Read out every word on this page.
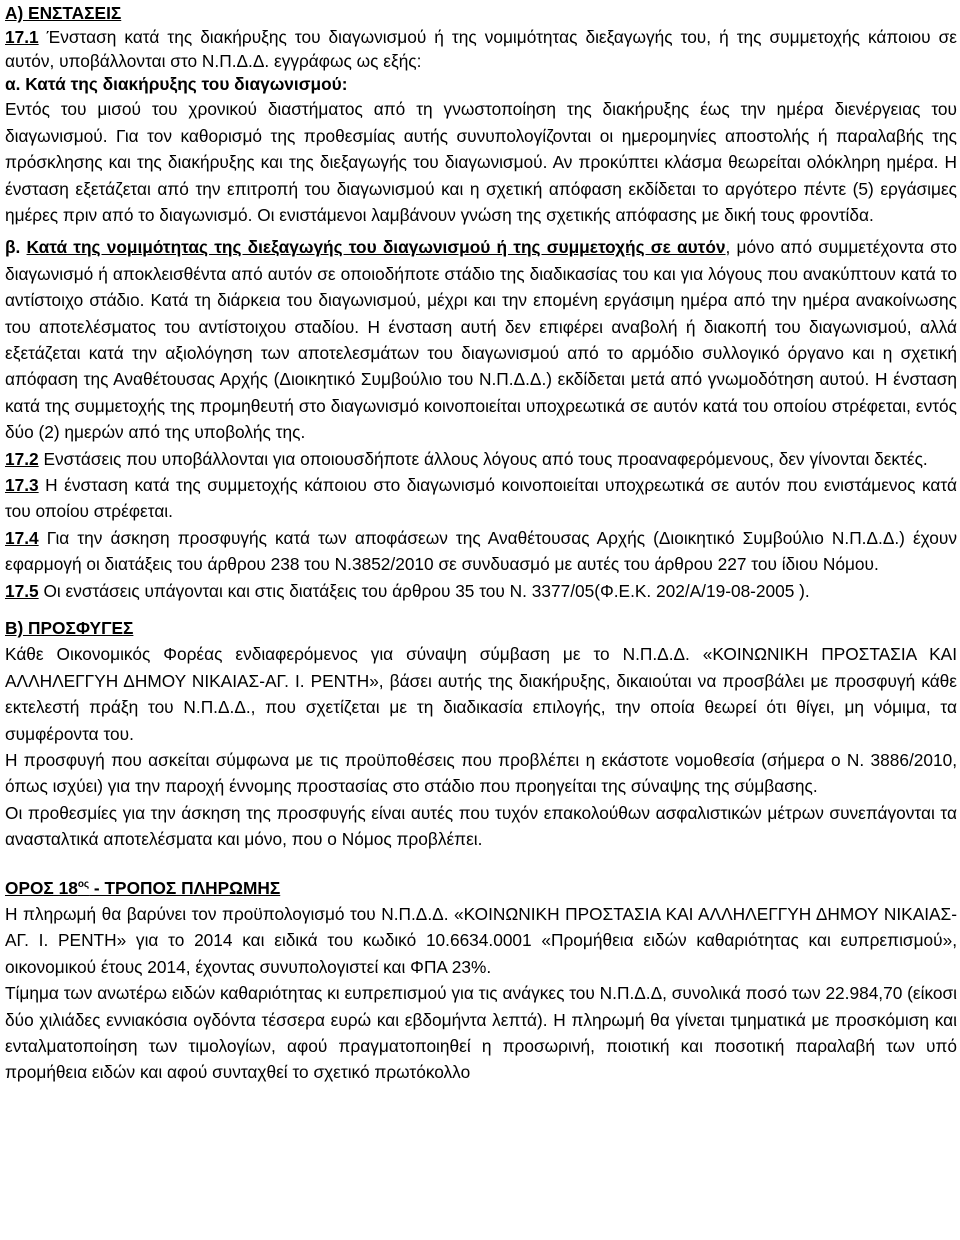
Α) ΕΝΣΤΑΣΕΙΣ

17.1 Ένσταση κατά της διακήρυξης του διαγωνισμού ή της νομιμότητας διεξαγωγής του, ή της συμμετοχής κάποιου σε αυτόν, υποβάλλονται στο Ν.Π.Δ.Δ. εγγράφως ως εξής:

α. Κατά της διακήρυξης του διαγωνισμού:

Εντός του μισού του χρονικού διαστήματος από τη γνωστοποίηση της διακήρυξης έως την ημέρα διενέργειας του διαγωνισμού. Για τον καθορισμό της προθεσμίας αυτής συνυπολογίζονται οι ημερομηνίες αποστολής ή παραλαβής της πρόσκλησης και της διακήρυξης και της διεξαγωγής του διαγωνισμού. Αν προκύπτει κλάσμα θεωρείται ολόκληρη ημέρα. Η ένσταση εξετάζεται από την επιτροπή του διαγωνισμού και η σχετική απόφαση εκδίδεται το αργότερο πέντε (5) εργάσιμες ημέρες πριν από το διαγωνισμό. Οι ενιστάμενοι λαμβάνουν γνώση της σχετικής απόφασης με δική τους φροντίδα.

β. Κατά της νομιμότητας της διεξαγωγής του διαγωνισμού ή της συμμετοχής σε αυτόν, μόνο από συμμετέχοντα στο διαγωνισμό ή αποκλεισθέντα από αυτόν σε οποιοδήποτε στάδιο της διαδικασίας του και για λόγους που ανακύπτουν κατά το αντίστοιχο στάδιο. Κατά τη διάρκεια του διαγωνισμού, μέχρι και την επομένη εργάσιμη ημέρα από την ημέρα ανακοίνωσης του αποτελέσματος του αντίστοιχου σταδίου. Η ένσταση αυτή δεν επιφέρει αναβολή ή διακοπή του διαγωνισμού, αλλά εξετάζεται κατά την αξιολόγηση των αποτελεσμάτων του διαγωνισμού από το αρμόδιο συλλογικό όργανο και η σχετική απόφαση της Αναθέτουσας Αρχής (Διοικητικό Συμβούλιο του Ν.Π.Δ.Δ.) εκδίδεται μετά από γνωμοδότηση αυτού. Η ένσταση κατά της συμμετοχής της προμηθευτή στο διαγωνισμό κοινοποιείται υποχρεωτικά σε αυτόν κατά του οποίου στρέφεται, εντός δύο (2) ημερών από της υποβολής της.

17.2 Ενστάσεις που υποβάλλονται για οποιουσδήποτε άλλους λόγους από τους προαναφερόμενους, δεν γίνονται δεκτές.

17.3 Η ένσταση κατά της συμμετοχής κάποιου στο διαγωνισμό κοινοποιείται υποχρεωτικά σε αυτόν που ενιστάμενος κατά του οποίου στρέφεται.

17.4 Για την άσκηση προσφυγής κατά των αποφάσεων της Αναθέτουσας Αρχής (Διοικητικό Συμβούλιο Ν.Π.Δ.Δ.) έχουν εφαρμογή οι διατάξεις του άρθρου 238 του Ν.3852/2010 σε συνδυασμό με αυτές του άρθρου 227 του ίδιου Νόμου.

17.5 Οι ενστάσεις υπάγονται και στις διατάξεις του άρθρου 35 του Ν. 3377/05(Φ.Ε.Κ. 202/Α/19-08-2005 ).

Β) ΠΡΟΣΦΥΓΕΣ

Κάθε Οικονομικός Φορέας ενδιαφερόμενος για σύναψη σύμβαση με το Ν.Π.Δ.Δ. «ΚΟΙΝΩΝΙΚΗ ΠΡΟΣΤΑΣΙΑ ΚΑΙ ΑΛΛΗΛΕΓΓΥΗ ΔΗΜΟΥ ΝΙΚΑΙΑΣ-ΑΓ. Ι. ΡΕΝΤΗ», βάσει αυτής της διακήρυξης, δικαιούται να προσβάλει με προσφυγή κάθε εκτελεστή πράξη του Ν.Π.Δ.Δ., που σχετίζεται με τη διαδικασία επιλογής, την οποία θεωρεί ότι θίγει, μη νόμιμα, τα συμφέροντα του.

Η προσφυγή που ασκείται σύμφωνα με τις προϋποθέσεις που προβλέπει η εκάστοτε νομοθεσία (σήμερα ο Ν. 3886/2010, όπως ισχύει) για την παροχή έννομης προστασίας στο στάδιο που προηγείται της σύναψης της σύμβασης.

Οι προθεσμίες για την άσκηση της προσφυγής είναι αυτές που τυχόν επακολούθων ασφαλιστικών μέτρων συνεπάγονται τα ανασταλτικά αποτελέσματα και μόνο, που ο Νόμος προβλέπει.

ΟΡΟΣ $18^{o\varsigma}$ - ΤΡΟΠΟΣ ΠΛΗΡΩΜΗΣ

Η πληρωμή θα βαρύνει τον προϋπολογισμό του Ν.Π.Δ.Δ. «ΚΟΙΝΩΝΙΚΗ ΠΡΟΣΤΑΣΙΑ ΚΑΙ ΑΛΛΗΛΕΓΓΥΗ ΔΗΜΟΥ ΝΙΚΑΙΑΣ-ΑΓ. Ι. ΡΕΝΤΗ» για το 2014 και ειδικά του κωδικό 10.6634.0001 «Προμήθεια ειδών καθαριότητας και ευπρεπισμού», οικονομικού έτους 2014, έχοντας συνυπολογιστεί και ΦΠΑ 23%.

Τίμημα των ανωτέρω ειδών καθαριότητας κι ευπρεπισμού για τις ανάγκες του Ν.Π.Δ.Δ, συνολικά ποσό των 22.984,70 (είκοσι δύο χιλιάδες εννιακόσια ογδόντα τέσσερα ευρώ και εβδομήντα λεπτά). Η πληρωμή θα γίνεται τμηματικά με προσκόμιση και ενταλματοποίηση των τιμολογίων, αφού πραγματοποιηθεί η προσωρινή, ποιοτική και ποσοτική παραλαβή των υπό προμήθεια ειδών και αφού συνταχθεί το σχετικό πρωτόκολλο
